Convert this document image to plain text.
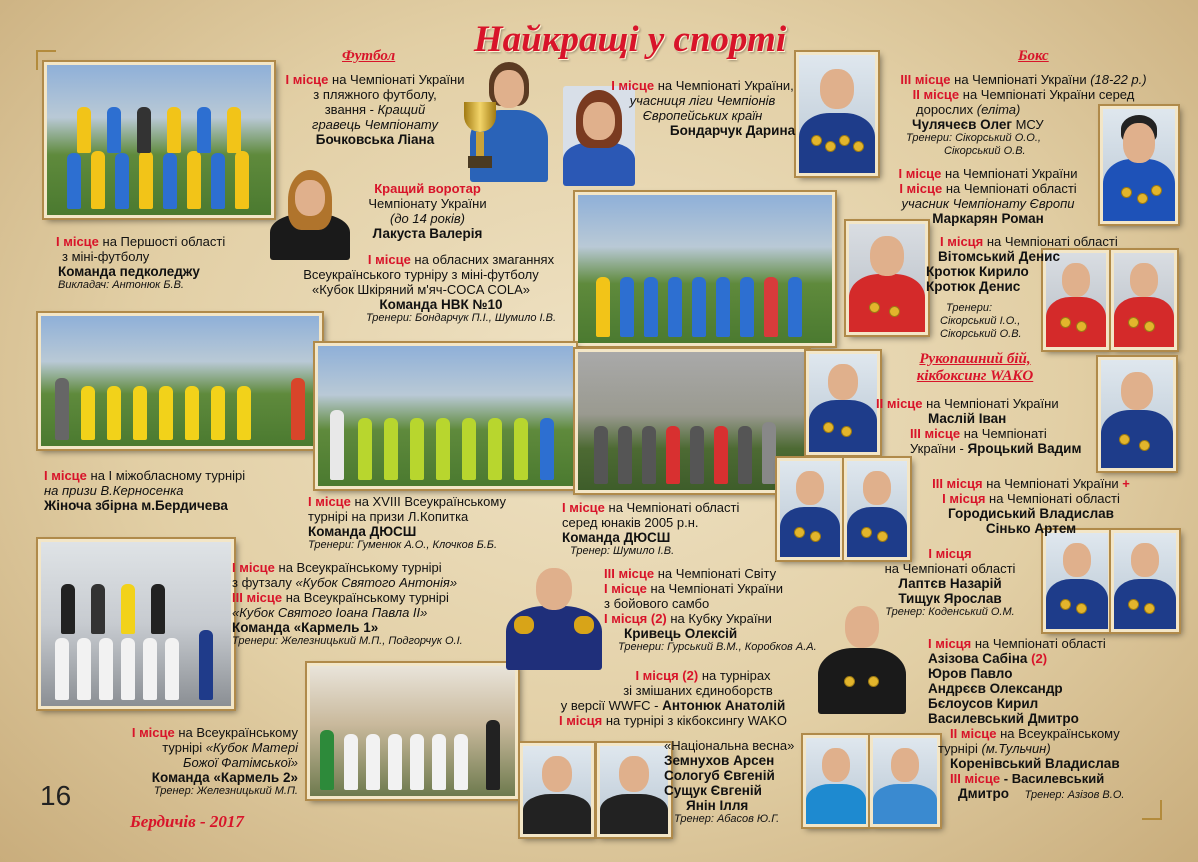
Найкращі у спорті
Футбол	Бокс
Рукопашний бій,
кікбоксинг WAKO
І місце на Чемпіонаті України
з пляжного футболу,
звання - Кращий
гравець Чемпіонату
Бочковська Ліана
І місце на Чемпіонаті України,
учасниця ліги Чемпіонів
Європейських країн
Бондарчук Дарина
Кращий воротар
Чемпіонату України
(до 14 років)
Лакуста Валерія
І місце на Першості області
з міні-футболу
Команда педколеджу
Викладач: Антонюк Б.В.
І місце на обласних змаганнях
Всеукраїнського турніру з міні-футболу
«Кубок Шкіряний м'яч-COCA COLA»
Команда НВК №10
Тренери: Бондарчук П.І., Шумило І.В.
І місце на І міжобласному турнірі
на призи В.Керносенка
Жіноча збірна м.Бердичева	І місце на XVIII Всеукраїнському
турнірі на призи Л.Копитка
Команда ДЮСШ
Тренери: Гуменюк А.О., Клочков Б.Б.
І місце на Чемпіонаті області
серед юнаків 2005 р.н.
Команда ДЮСШ
Тренер: Шумило І.В.
І місце на Всеукраїнському турнірі
з футзалу «Кубок Святого Антонія»
ІІІ місце на Всеукраїнському турнірі
«Кубок Святого Іоана Павла ІІ»
Команда «Кармель 1»
Тренери: Железницький М.П., Подгорчук О.І.
І місце на Всеукраїнському
турнірі «Кубок Матері
Божої Фатімської»
Команда «Кармель 2»
Тренер: Железницький М.П.
Бердичів - 2017
16
ІІІ місце на Чемпіонаті України (18-22 р.)
ІІ місце на Чемпіонаті України серед
дорослих (еліта)
Чулячеєв Олег МСУ
Тренери: Сікорський О.О.,
Сікорський О.В.
І місце на Чемпіонаті України
І місце на Чемпіонаті області
учасник Чемпіонату Європи
Маркарян Роман
І місця на Чемпіонаті області
Вітомський Денис
Кротюк Кирило
Кротюк Денис
Тренери:
Сікорський І.О.,
Сікорський О.В.
ІІ місце на Чемпіонаті України
Маслій Іван
ІІІ місце на Чемпіонаті
України - Яроцький Вадим
ІІІ місця на Чемпіонаті України +
І місця на Чемпіонаті області
Городиський Владислав
Сінько Артем
І місця
на Чемпіонаті області
Лаптєв Назарій
Тищук Ярослав
Тренер: Коденський О.М.
ІІІ місце на Чемпіонаті Світу
І місце на Чемпіонаті України
з бойового самбо
І місця (2) на Кубку України
Кривець Олексій
Тренери: Гурський В.М., Коробков А.А.
І місця (2) на турнірах
зі змішаних єдиноборств
у версії WWFC - Антонюк Анатолій
І місця на турнірі з кікбоксингу WAKO
«Національна весна»
Земнухов Арсен
Сологуб Євгеній
Сущук Євгеній
Янін Ілля
Тренер: Абасов Ю.Г.
І місця на Чемпіонаті області
Азізова Сабіна (2)
Юров Павло
Андрєєв Олександр
Бєлоусов Кирил
Василевський Дмитро
ІІ місце на Всеукраїнському
турнірі (м.Тульчин)
Коренівський Владислав
ІІІ місце - Василевський
Дмитро Тренер: Азізов В.О.
